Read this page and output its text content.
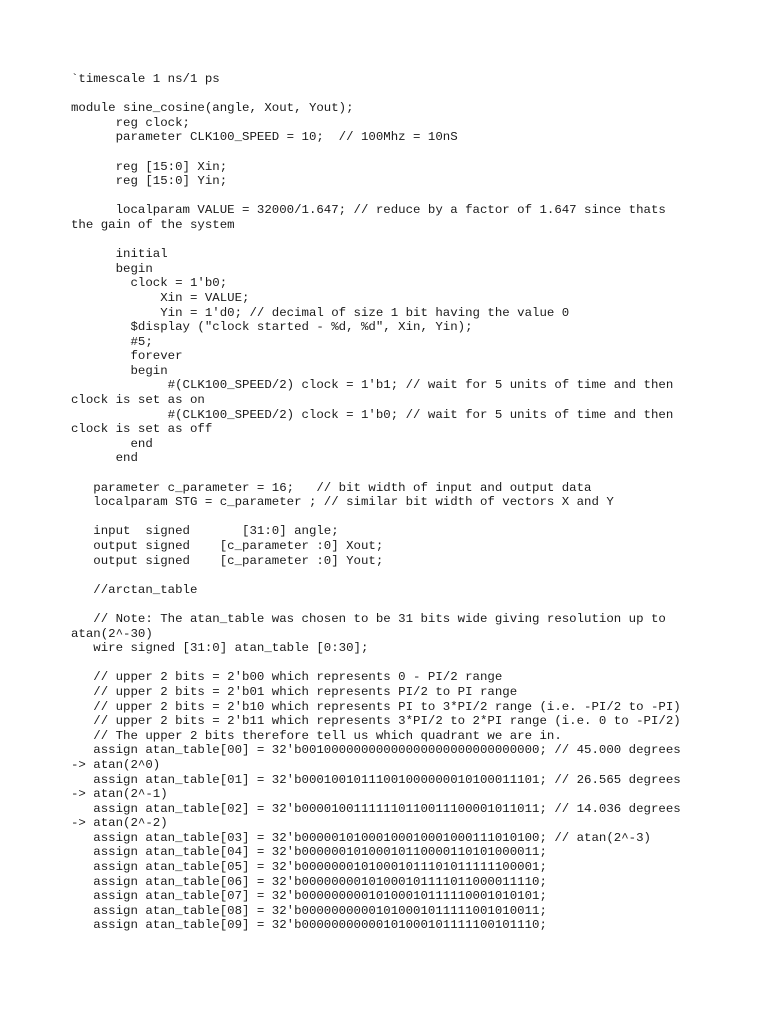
`timescale 1 ns/1 ps
module sine_cosine(angle, Xout, Yout);
reg clock;
parameter CLK100_SPEED = 10;  // 100Mhz = 10nS
reg [15:0] Xin;
reg [15:0] Yin;
localparam VALUE = 32000/1.647; // reduce by a factor of 1.647 since thats
the gain of the system
initial
begin
clock = 1'b0;
Xin = VALUE;
Yin = 1'd0; // decimal of size 1 bit having the value 0
$display ("clock started - %d, %d", Xin, Yin);
#5;
forever
begin
#(CLK100_SPEED/2) clock = 1'b1; // wait for 5 units of time and then
clock is set as on
#(CLK100_SPEED/2) clock = 1'b0; // wait for 5 units of time and then
clock is set as off
end
end
parameter c_parameter = 16;   // bit width of input and output data
localparam STG = c_parameter ; // similar bit width of vectors X and Y
input  signed       [31:0] angle;
output signed    [c_parameter :0] Xout;
output signed    [c_parameter :0] Yout;
//arctan_table
// Note: The atan_table was chosen to be 31 bits wide giving resolution up to
atan(2^-30)
wire signed [31:0] atan_table [0:30];
// upper 2 bits = 2'b00 which represents 0 - PI/2 range
// upper 2 bits = 2'b01 which represents PI/2 to PI range
// upper 2 bits = 2'b10 which represents PI to 3*PI/2 range (i.e. -PI/2 to -PI)
// upper 2 bits = 2'b11 which represents 3*PI/2 to 2*PI range (i.e. 0 to -PI/2)
// The upper 2 bits therefore tell us which quadrant we are in.
assign atan_table[00] = 32'b00100000000000000000000000000000; // 45.000 degrees
-> atan(2^0)
assign atan_table[01] = 32'b00010010111001000000010100011101; // 26.565 degrees
-> atan(2^-1)
assign atan_table[02] = 32'b00001001111110110011100001011011; // 14.036 degrees
-> atan(2^-2)
assign atan_table[03] = 32'b00000101000100010001000111010100; // atan(2^-3)
assign atan_table[04] = 32'b00000010100010110000110101000011;
assign atan_table[05] = 32'b00000001010001011101011111100001;
assign atan_table[06] = 32'b00000000101000101111011000011110;
assign atan_table[07] = 32'b00000000010100010111110001010101;
assign atan_table[08] = 32'b00000000001010001011111001010011;
assign atan_table[09] = 32'b00000000000101000101111100101110;
